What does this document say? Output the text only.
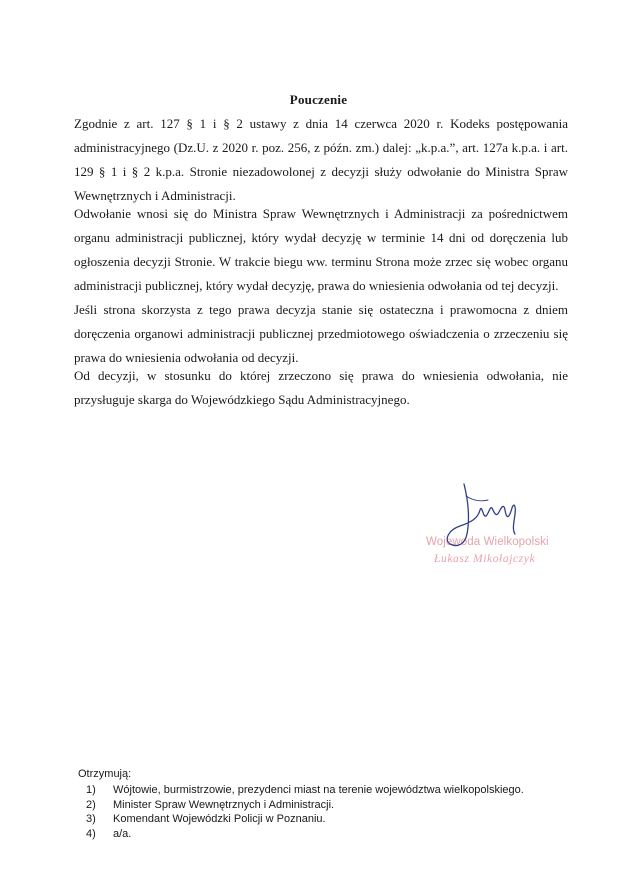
Pouczenie
Zgodnie z art. 127 § 1 i § 2 ustawy z dnia 14 czerwca 2020 r. Kodeks postępowania administracyjnego (Dz.U. z 2020 r. poz. 256, z późn. zm.) dalej: „k.p.a.”, art. 127a k.p.a. i art. 129 § 1 i § 2 k.p.a. Stronie niezadowolonej z decyzji służy odwołanie do Ministra Spraw Wewnętrznych i Administracji.
Odwołanie wnosi się do Ministra Spraw Wewnętrznych i Administracji za pośrednictwem organu administracji publicznej, który wydał decyzję w terminie 14 dni od doręczenia lub ogłoszenia decyzji Stronie. W trakcie biegu ww. terminu Strona może zrzec się wobec organu administracji publicznej, który wydał decyzję, prawa do wniesienia odwołania od tej decyzji.
Jeśli strona skorzysta z tego prawa decyzja stanie się ostateczna i prawomocna z dniem doręczenia organowi administracji publicznej przedmiotowego oświadczenia o zrzeczeniu się prawa do wniesienia odwołania od decyzji.
Od decyzji, w stosunku do której zrzeczono się prawa do wniesienia odwołania, nie przysługuje skarga do Wojewódzkiego Sądu Administracyjnego.
Wojewoda Wielkopolski
Łukasz Mikołajczyk
Otrzymują:
1) Wójtowie, burmistrzowie, prezydenci miast na terenie województwa wielkopolskiego.
2) Minister Spraw Wewnętrznych i Administracji.
3) Komendant Wojewódzki Policji w Poznaniu.
4) a/a.
